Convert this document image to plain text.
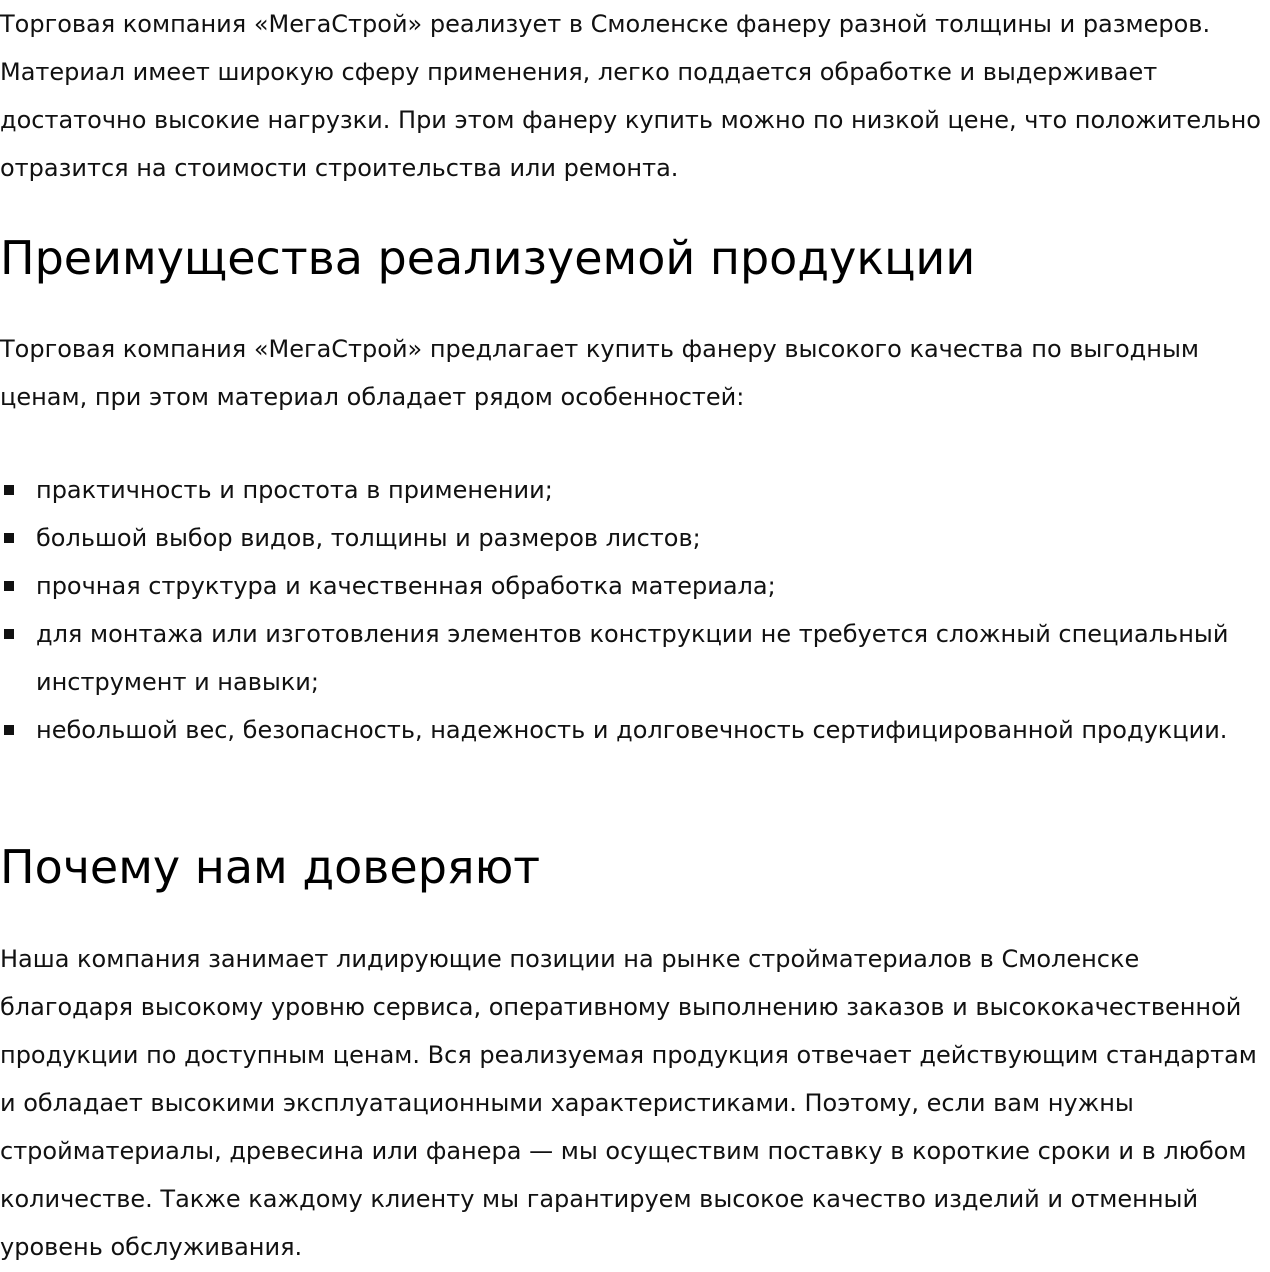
Торговая компания «МегаСтрой» реализует в Смоленске фанеру разной толщины и размеров. Материал имеет широкую сферу применения, легко поддается обработке и выдерживает достаточно высокие нагрузки. При этом фанеру купить можно по низкой цене, что положительно отразится на стоимости строительства или ремонта.

Преимущества реализуемой продукции

Торговая компания «МегаСтрой» предлагает купить фанеру высокого качества по выгодным ценам, при этом материал обладает рядом особенностей:

практичность и простота в применении;
большой выбор видов, толщины и размеров листов;
прочная структура и качественная обработка материала;
для монтажа или изготовления элементов конструкции не требуется сложный специальный инструмент и навыки;
небольшой вес, безопасность, надежность и долговечность сертифицированной продукции.
Почему нам доверяют

Наша компания занимает лидирующие позиции на рынке стройматериалов в Смоленске благодаря высокому уровню сервиса, оперативному выполнению заказов и высококачественной продукции по доступным ценам. Вся реализуемая продукция отвечает действующим стандартам и обладает высокими эксплуатационными характеристиками. Поэтому, если вам нужны стройматериалы, древесина или фанера — мы осуществим поставку в короткие сроки и в любом количестве. Также каждому клиенту мы гарантируем высокое качество изделий и отменный уровень обслуживания.
